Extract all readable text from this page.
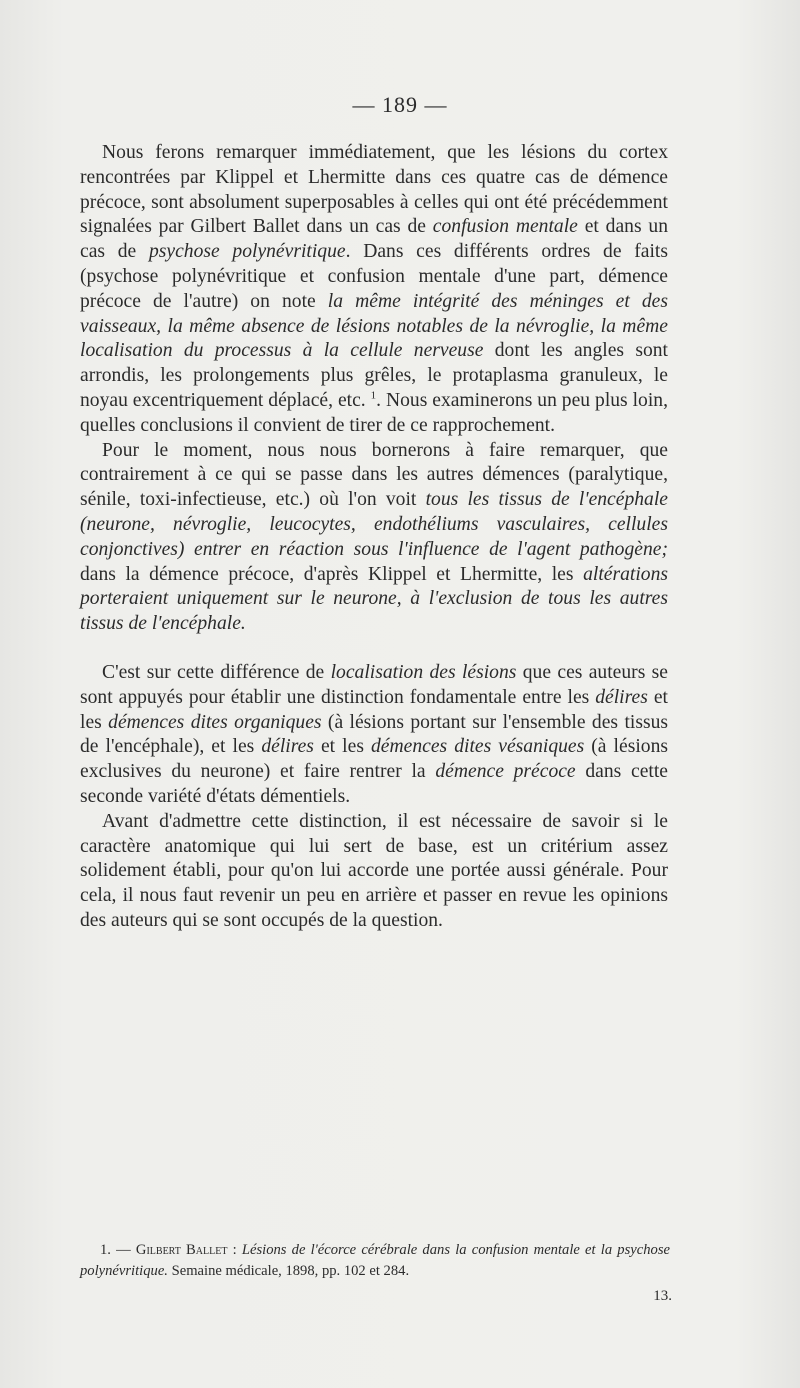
— 189 —

Nous ferons remarquer immédiatement, que les lésions du cortex rencontrées par Klippel et Lhermitte dans ces quatre cas de démence précoce, sont absolument superposables à celles qui ont été précédemment signalées par Gilbert Ballet dans un cas de confusion mentale et dans un cas de psychose polynévritique. Dans ces différents ordres de faits (psychose polynévritique et confusion mentale d'une part, démence précoce de l'autre) on note la même intégrité des méninges et des vaisseaux, la même absence de lésions notables de la névroglie, la même localisation du processus à la cellule nerveuse dont les angles sont arrondis, les prolongements plus grêles, le protaplasma granuleux, le noyau excentriquement déplacé, etc. $^1$. Nous examinerons un peu plus loin, quelles conclusions il convient de tirer de ce rapprochement.

Pour le moment, nous nous bornerons à faire remarquer, que contrairement à ce qui se passe dans les autres démences (paralytique, sénile, toxi-infectieuse, etc.) où l'on voit tous les tissus de l'encéphale (neurone, névroglie, leucocytes, endothéliums vasculaires, cellules conjonctives) entrer en réaction sous l'influence de l'agent pathogène; dans la démence précoce, d'après Klippel et Lhermitte, les altérations porteraient uniquement sur le neurone, à l'exclusion de tous les autres tissus de l'encéphale.

C'est sur cette différence de localisation des lésions que ces auteurs se sont appuyés pour établir une distinction fondamentale entre les délires et les démences dites organiques (à lésions portant sur l'ensemble des tissus de l'encéphale), et les délires et les démences dites vésaniques (à lésions exclusives du neurone) et faire rentrer la démence précoce dans cette seconde variété d'états démentiels.

Avant d'admettre cette distinction, il est nécessaire de savoir si le caractère anatomique qui lui sert de base, est un critérium assez solidement établi, pour qu'on lui accorde une portée aussi générale. Pour cela, il nous faut revenir un peu en arrière et passer en revue les opinions des auteurs qui se sont occupés de la question.

1. — Gilbert Ballet : Lésions de l'écorce cérébrale dans la confusion mentale et la psychose polynévritique. Semaine médicale, 1898, pp. 102 et 284.
13.
